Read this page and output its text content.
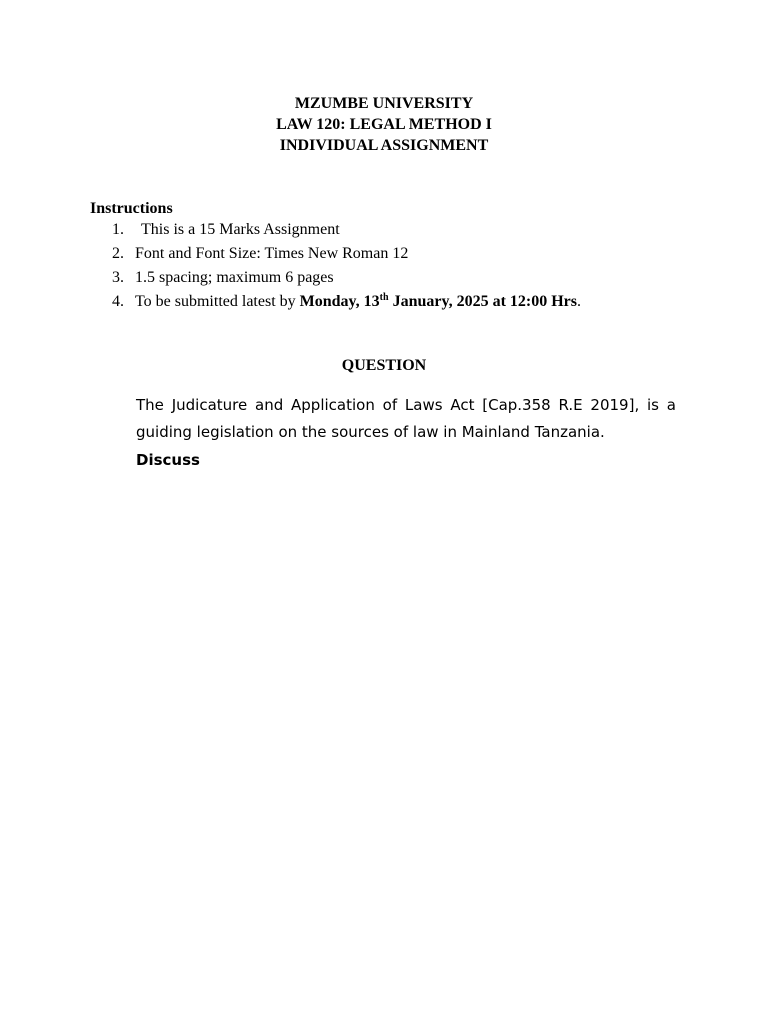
MZUMBE UNIVERSITY
LAW 120: LEGAL METHOD I
INDIVIDUAL ASSIGNMENT
Instructions
1.	This is a 15 Marks Assignment
2. Font and Font Size: Times New Roman 12
3. 1.5 spacing; maximum 6 pages
4. To be submitted latest by Monday, 13th January, 2025 at 12:00 Hrs.
QUESTION
The Judicature and Application of Laws Act [Cap.358 R.E 2019], is a
guiding legislation on the sources of law in Mainland Tanzania.
Discuss
